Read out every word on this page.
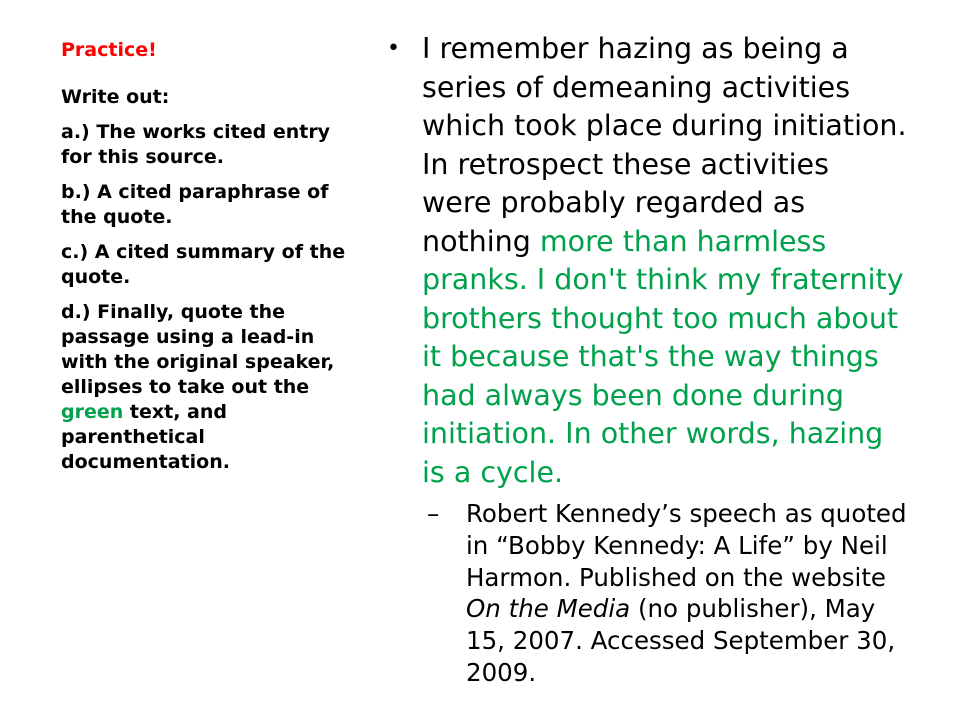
Practice!
Write out:
a.) The works cited entry for this source.
b.) A cited paraphrase of the quote.
c.) A cited summary of the quote.
d.) Finally, quote the passage using a lead-in with the original speaker, ellipses to take out the green text, and parenthetical documentation.
• I remember hazing as being a series of demeaning activities which took place during initiation. In retrospect these activities were probably regarded as nothing more than harmless pranks. I don't think my fraternity brothers thought too much about it because that's the way things had always been done during initiation. In other words, hazing is a cycle.
– Robert Kennedy’s speech as quoted in “Bobby Kennedy: A Life” by Neil Harmon. Published on the website On the Media (no publisher), May 15, 2007. Accessed September 30, 2009.
